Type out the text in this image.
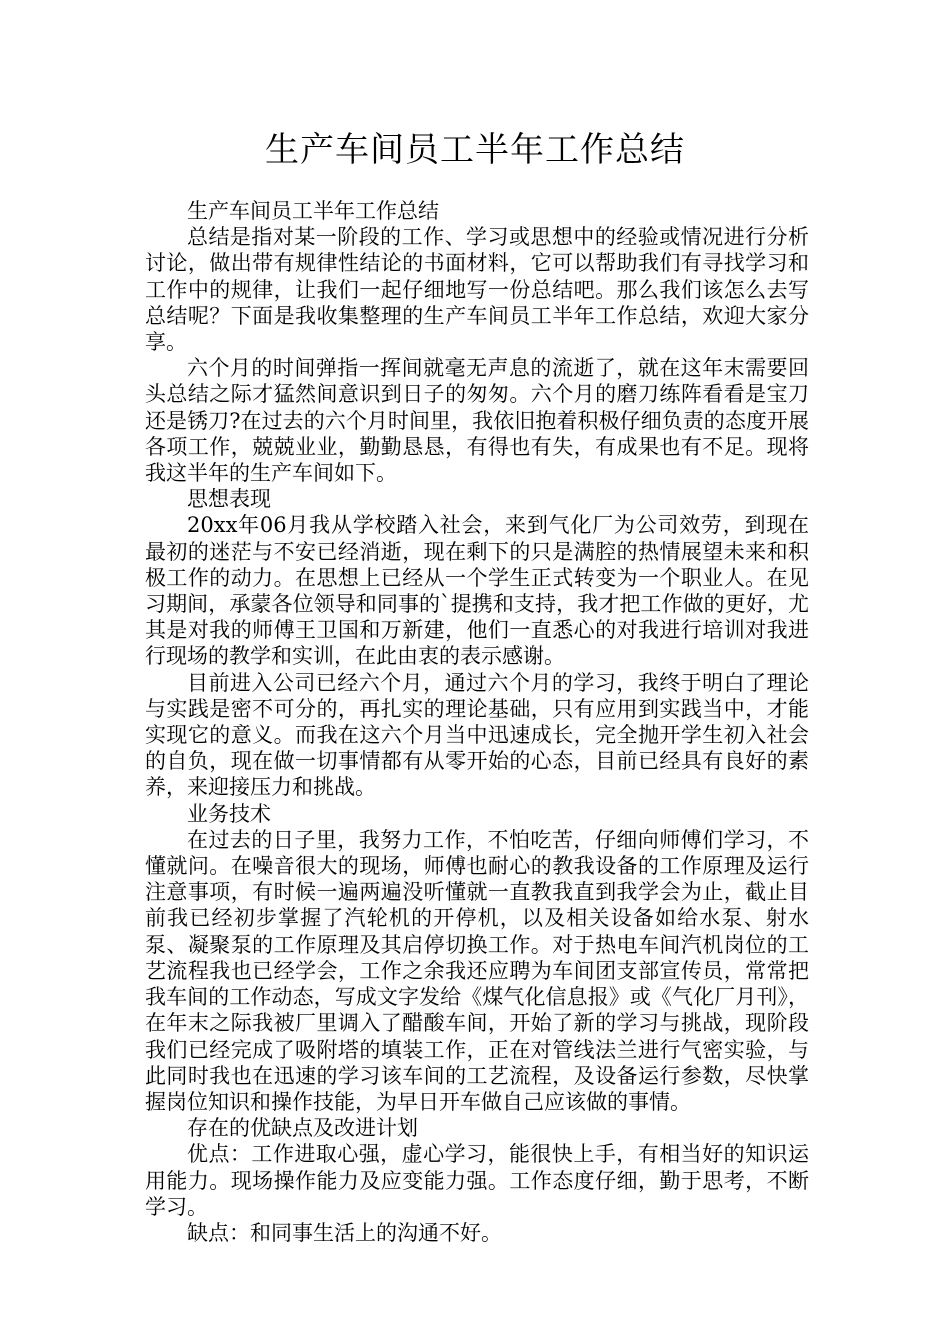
生产车间员工半年工作总结

生产车间员工半年工作总结

总结是指对某一阶段的工作、学习或思想中的经验或情况进行分析讨论，做出带有规律性结论的书面材料，它可以帮助我们有寻找学习和工作中的规律，让我们一起仔细地写一份总结吧。那么我们该怎么去写总结呢？下面是我收集整理的生产车间员工半年工作总结，欢迎大家分享。

六个月的时间弹指一挥间就毫无声息的流逝了，就在这年末需要回头总结之际才猛然间意识到日子的匆匆。六个月的磨刀练阵看看是宝刀还是锈刀?在过去的六个月时间里，我依旧抱着积极仔细负责的态度开展各项工作，兢兢业业，勤勤恳恳，有得也有失，有成果也有不足。现将我这半年的生产车间如下。

思想表现

20xx年06月我从学校踏入社会，来到气化厂为公司效劳，到现在最初的迷茫与不安已经消逝，现在剩下的只是满腔的热情展望未来和积极工作的动力。在思想上已经从一个学生正式转变为一个职业人。在见习期间，承蒙各位领导和同事的`提携和支持，我才把工作做的更好，尤其是对我的师傅王卫国和万新建，他们一直悉心的对我进行培训对我进行现场的教学和实训，在此由衷的表示感谢。

目前进入公司已经六个月，通过六个月的学习，我终于明白了理论与实践是密不可分的，再扎实的理论基础，只有应用到实践当中，才能实现它的意义。而我在这六个月当中迅速成长，完全抛开学生初入社会的自负，现在做一切事情都有从零开始的心态，目前已经具有良好的素养，来迎接压力和挑战。

业务技术

在过去的日子里，我努力工作，不怕吃苦，仔细向师傅们学习，不懂就问。在噪音很大的现场，师傅也耐心的教我设备的工作原理及运行注意事项，有时候一遍两遍没听懂就一直教我直到我学会为止，截止目前我已经初步掌握了汽轮机的开停机，以及相关设备如给水泵、射水泵、凝聚泵的工作原理及其启停切换工作。对于热电车间汽机岗位的工艺流程我也已经学会，工作之余我还应聘为车间团支部宣传员，常常把我车间的工作动态，写成文字发给《煤气化信息报》或《气化厂月刊》，在年末之际我被厂里调入了醋酸车间，开始了新的学习与挑战，现阶段我们已经完成了吸附塔的填装工作，正在对管线法兰进行气密实验，与此同时我也在迅速的学习该车间的工艺流程，及设备运行参数，尽快掌握岗位知识和操作技能，为早日开车做自己应该做的事情。

存在的优缺点及改进计划

优点：工作进取心强，虚心学习，能很快上手，有相当好的知识运用能力。现场操作能力及应变能力强。工作态度仔细，勤于思考，不断学习。

缺点：和同事生活上的沟通不好。
